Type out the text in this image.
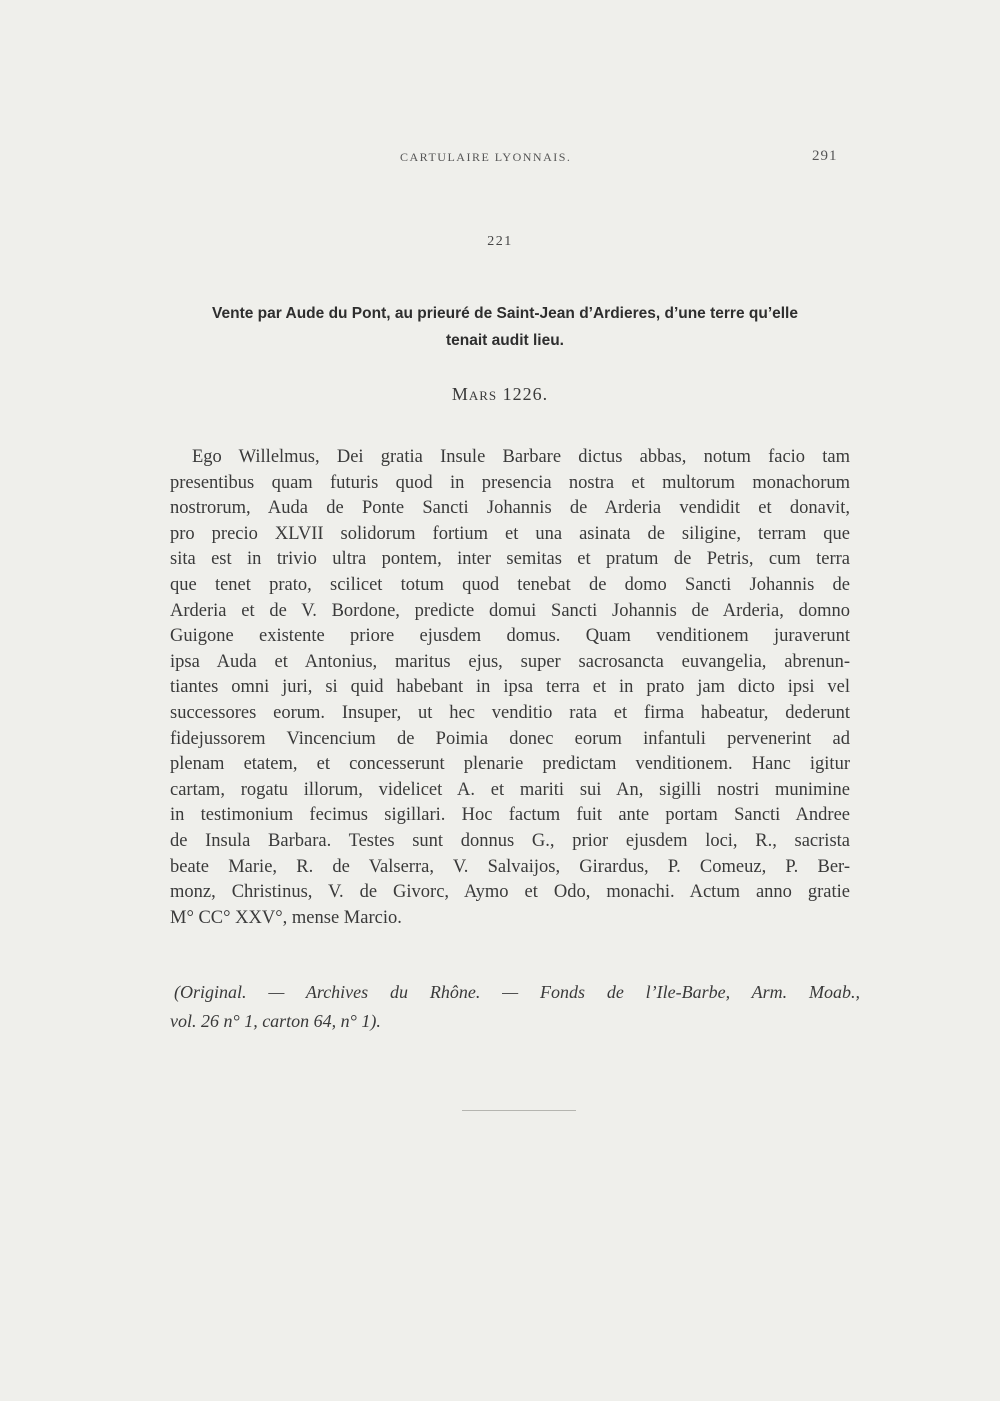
CARTULAIRE LYONNAIS.	291
221
Vente par Aude du Pont, au prieuré de Saint-Jean d’Ardieres, d’une terre qu’elle
tenait audit lieu.
MARS 1226.
Ego Willelmus, Dei gratia Insule Barbare dictus abbas, notum facio tam
presentibus quam futuris quod in presencia nostra et multorum monachorum
nostrorum, Auda de Ponte Sancti Johannis de Arderia vendidit et donavit,
pro precio XLVII solidorum fortium et una asinata de siligine, terram que
sita est in trivio ultra pontem, inter semitas et pratum de Petris, cum terra
que tenet prato, scilicet totum quod tenebat de domo Sancti Johannis de
Arderia et de V. Bordone, predicte domui Sancti Johannis de Arderia, domno
Guigone existente priore ejusdem domus. Quam venditionem juraverunt
ipsa Auda et Antonius, maritus ejus, super sacrosancta euvangelia, abrenun-
tiantes omni juri, si quid habebant in ipsa terra et in prato jam dicto ipsi vel
successores eorum. Insuper, ut hec venditio rata et firma habeatur, dederunt
fidejussorem Vincencium de Poimia donec eorum infantuli pervenerint ad
plenam etatem, et concesserunt plenarie predictam venditionem. Hanc igitur
cartam, rogatu illorum, videlicet A. et mariti sui An, sigilli nostri munimine
in testimonium fecimus sigillari. Hoc factum fuit ante portam Sancti Andree
de Insula Barbara. Testes sunt donnus G., prior ejusdem loci, R., sacrista
beate Marie, R. de Valserra, V. Salvaijos, Girardus, P. Comeuz, P. Ber-
monz, Christinus, V. de Givorc, Aymo et Odo, monachi. Actum anno gratie
M° CC° XXV°, mense Marcio.
(Original. — Archives du Rhône. — Fonds de l’Ile-Barbe, Arm. Moab.,
vol. 26 n° 1, carton 64, n° 1).
